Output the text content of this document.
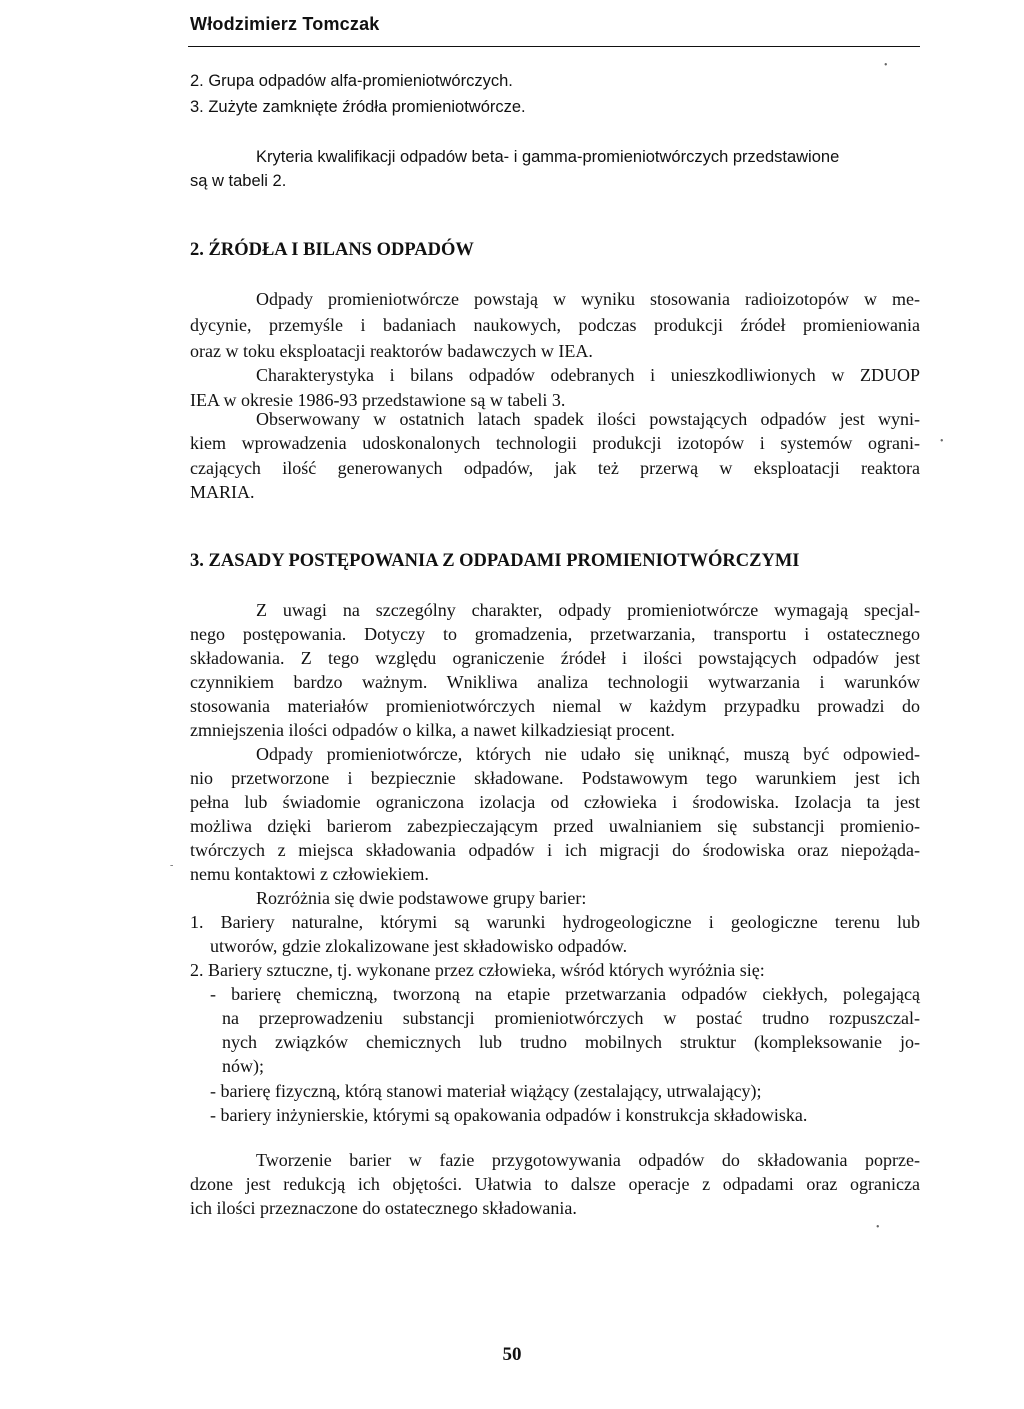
Włodzimierz Tomczak
2. Grupa odpadów alfa-promieniotwórczych.
3. Zużyte zamknięte źródła promieniotwórcze.
Kryteria kwalifikacji odpadów beta- i gamma-promieniotwórczych przedstawione
są w tabeli 2.
2. ŹRÓDŁA I BILANS ODPADÓW
Odpady promieniotwórcze powstają w wyniku stosowania radioizotopów w me-
dycynie, przemyśle i badaniach naukowych, podczas produkcji źródeł promieniowania
oraz w toku eksploatacji reaktorów badawczych w IEA.
Charakterystyka i bilans odpadów odebranych i unieszkodliwionych w ZDUOP
IEA w okresie 1986-93 przedstawione są w tabeli 3.
Obserwowany w ostatnich latach spadek ilości powstających odpadów jest wyni-
kiem wprowadzenia udoskonalonych technologii produkcji izotopów i systemów ograni-
czających ilość generowanych odpadów, jak też przerwą w eksploatacji reaktora
MARIA.
3. ZASADY POSTĘPOWANIA Z ODPADAMI PROMIENIOTWÓRCZYMI
Z uwagi na szczególny charakter, odpady promieniotwórcze wymagają specjal-
nego postępowania. Dotyczy to gromadzenia, przetwarzania, transportu i ostatecznego
składowania. Z tego względu ograniczenie źródeł i ilości powstających odpadów jest
czynnikiem bardzo ważnym. Wnikliwa analiza technologii wytwarzania i warunków
stosowania materiałów promieniotwórczych niemal w każdym przypadku prowadzi do
zmniejszenia ilości odpadów o kilka, a nawet kilkadziesiąt procent.
Odpady promieniotwórcze, których nie udało się uniknąć, muszą być odpowied-
nio przetworzone i bezpiecznie składowane. Podstawowym tego warunkiem jest ich
pełna lub świadomie ograniczona izolacja od człowieka i środowiska. Izolacja ta jest
możliwa dzięki barierom zabezpieczającym przed uwalnianiem się substancji promienio-
twórczych z miejsca składowania odpadów i ich migracji do środowiska oraz niepożąda-
nemu kontaktowi z człowiekiem.
Rozróżnia się dwie podstawowe grupy barier:
1. Bariery naturalne, którymi są warunki hydrogeologiczne i geologiczne terenu lub
utworów, gdzie zlokalizowane jest składowisko odpadów.
2. Bariery sztuczne, tj. wykonane przez człowieka, wśród których wyróżnia się:
- barierę chemiczną, tworzoną na etapie przetwarzania odpadów ciekłych, polegającą
na przeprowadzeniu substancji promieniotwórczych w postać trudno rozpuszczal-
nych związków chemicznych lub trudno mobilnych struktur (kompleksowanie jo-
nów);
- barierę fizyczną, którą stanowi materiał wiążący (zestalający, utrwalający);
- bariery inżynierskie, którymi są opakowania odpadów i konstrukcja składowiska.
Tworzenie barier w fazie przygotowywania odpadów do składowania poprze-
dzone jest redukcją ich objętości. Ułatwia to dalsze operacje z odpadami oraz ogranicza
ich ilości przeznaczone do ostatecznego składowania.
50
•
•
-
•
